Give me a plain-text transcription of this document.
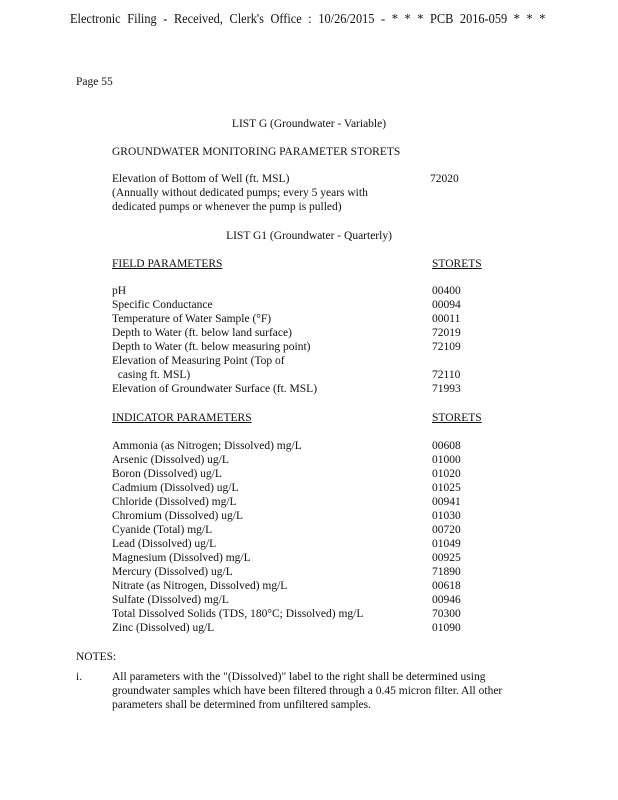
Electronic Filing - Received, Clerk's Office : 10/26/2015 - * * * PCB 2016-059 * * *
Page 55
LIST G (Groundwater - Variable)
GROUNDWATER MONITORING PARAMETER STORETS
Elevation of Bottom of Well (ft. MSL)	72020
(Annually without dedicated pumps; every 5 years with
dedicated pumps or whenever the pump is pulled)
LIST G1 (Groundwater - Quarterly)
FIELD PARAMETERS	STORETS
pH	00400
Specific Conductance	00094
Temperature of Water Sample (°F)	00011
Depth to Water (ft. below land surface)	72019
Depth to Water (ft. below measuring point)	72109
Elevation of Measuring Point (Top of
casing ft. MSL)	72110
Elevation of Groundwater Surface (ft. MSL)	71993
INDICATOR PARAMETERS	STORETS
Ammonia (as Nitrogen; Dissolved) mg/L	00608
Arsenic (Dissolved) ug/L	01000
Boron (Dissolved) ug/L	01020
Cadmium (Dissolved) ug/L	01025
Chloride (Dissolved) mg/L	00941
Chromium (Dissolved) ug/L	01030
Cyanide (Total) mg/L	00720
Lead (Dissolved) ug/L	01049
Magnesium (Dissolved) mg/L	00925
Mercury (Dissolved) ug/L	71890
Nitrate (as Nitrogen, Dissolved) mg/L	00618
Sulfate (Dissolved) mg/L	00946
Total Dissolved Solids (TDS, 180°C; Dissolved) mg/L	70300
Zinc (Dissolved) ug/L	01090
NOTES:
i.	All parameters with the "(Dissolved)" label to the right shall be determined using
groundwater samples which have been filtered through a 0.45 micron filter. All other
parameters shall be determined from unfiltered samples.
